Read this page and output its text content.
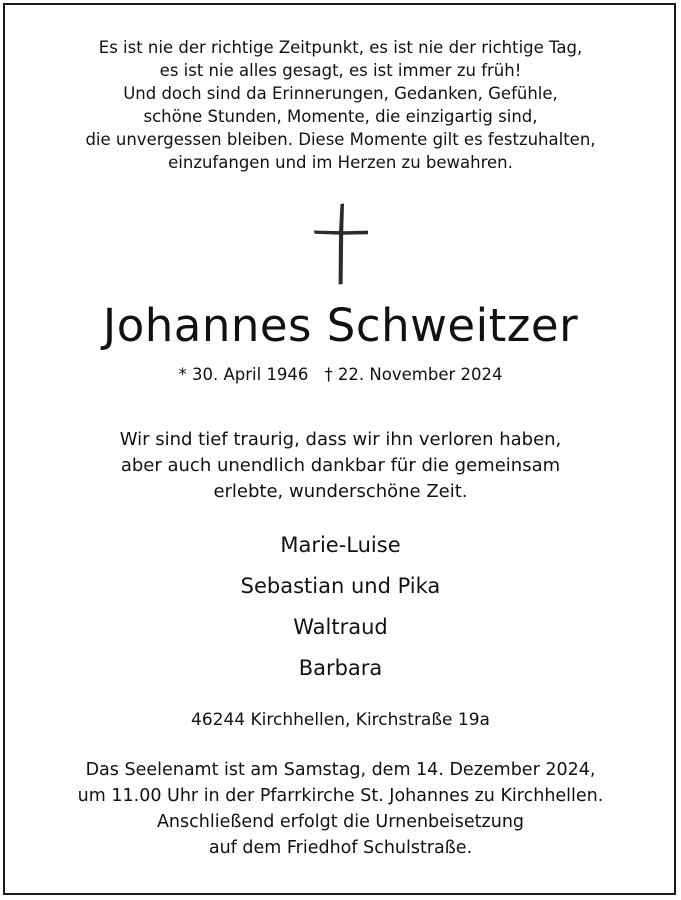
Es ist nie der richtige Zeitpunkt, es ist nie der richtige Tag,
es ist nie alles gesagt, es ist immer zu früh!
Und doch sind da Erinnerungen, Gedanken, Gefühle,
schöne Stunden, Momente, die einzigartig sind,
die unvergessen bleiben. Diese Momente gilt es festzuhalten,
einzufangen und im Herzen zu bewahren.
Johannes Schweitzer
* 30. April 1946 † 22. November 2024
Wir sind tief traurig, dass wir ihn verloren haben,
aber auch unendlich dankbar für die gemeinsam
erlebte, wunderschöne Zeit.
Marie-Luise
Sebastian und Pika
Waltraud
Barbara
46244 Kirchhellen, Kirchstraße 19a
Das Seelenamt ist am Samstag, dem 14. Dezember 2024,
um 11.00 Uhr in der Pfarrkirche St. Johannes zu Kirchhellen.
Anschließend erfolgt die Urnenbeisetzung
auf dem Friedhof Schulstraße.
